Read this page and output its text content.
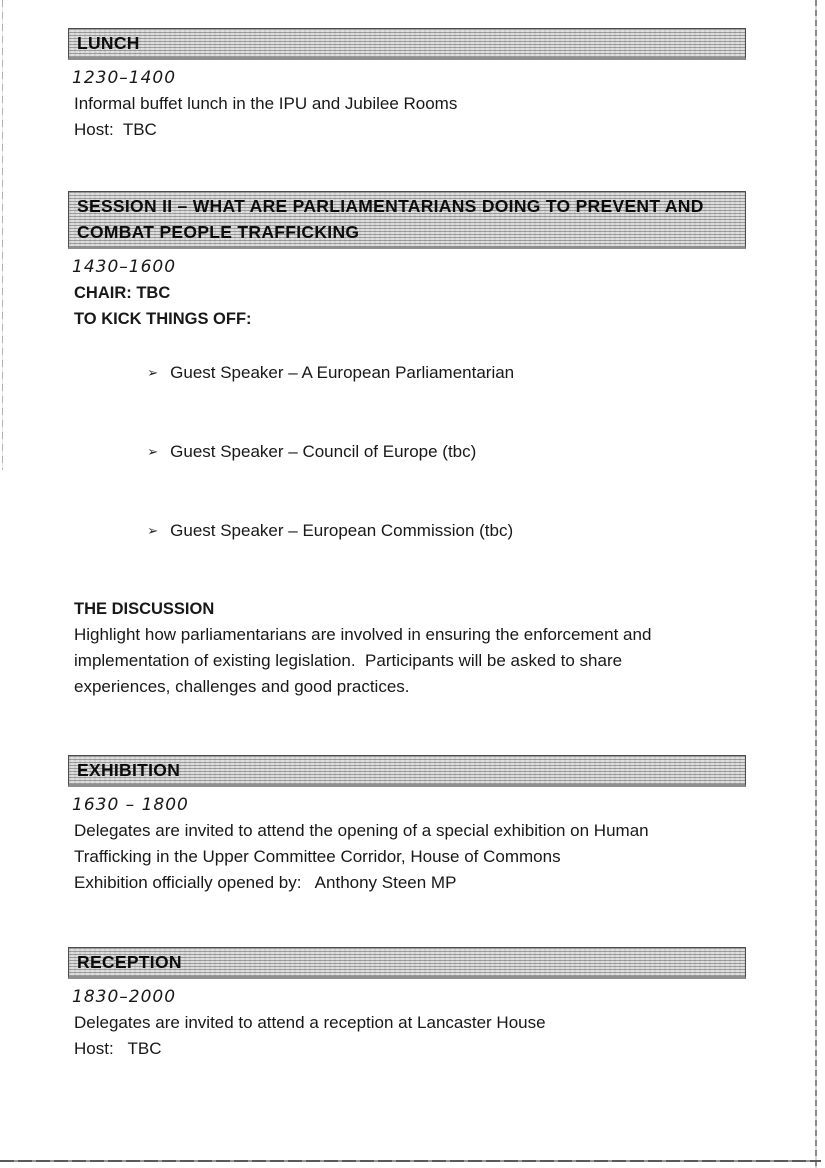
LUNCH
1230–1400
Informal buffet lunch in the IPU and Jubilee Rooms
Host:  TBC
SESSION II – WHAT ARE PARLIAMENTARIANS DOING TO PREVENT AND
COMBAT PEOPLE TRAFFICKING
1430–1600
CHAIR: TBC
TO KICK THINGS OFF:

➢ Guest Speaker – A European Parliamentarian

➢ Guest Speaker – Council of Europe (tbc)

➢ Guest Speaker – European Commission (tbc)

THE DISCUSSION
Highlight how parliamentarians are involved in ensuring the enforcement and
implementation of existing legislation.  Participants will be asked to share
experiences, challenges and good practices.
EXHIBITION
1630 – 1800
Delegates are invited to attend the opening of a special exhibition on Human
Trafficking in the Upper Committee Corridor, House of Commons
Exhibition officially opened by:   Anthony Steen MP
RECEPTION
1830–2000
Delegates are invited to attend a reception at Lancaster House
Host:   TBC
